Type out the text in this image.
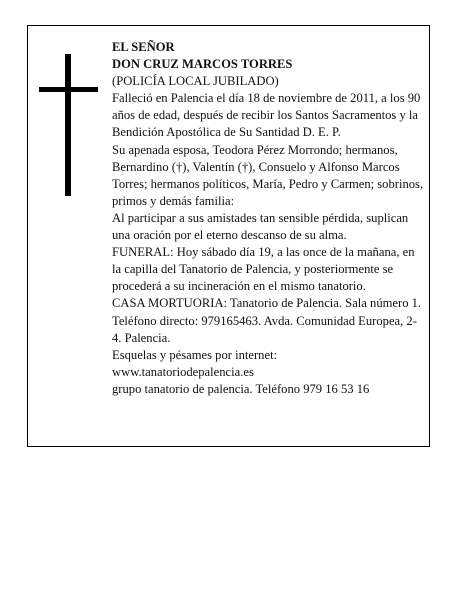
EL SEÑOR

DON CRUZ MARCOS TORRES

(POLICÍA LOCAL JUBILADO)

Falleció en Palencia el día 18 de noviembre de 2011, a los 90 años de edad, después de recibir los Santos Sacramentos y la Bendición Apostólica de Su Santidad D. E. P.

Su apenada esposa, Teodora Pérez Morrondo; hermanos, Bernardino (†), Valentín (†), Consuelo y Alfonso Marcos Torres; hermanos políticos, María, Pedro y Carmen; sobrinos, primos y demás familia:

Al participar a sus amistades tan sensible pérdida, suplican una oración por el eterno descanso de su alma.

FUNERAL: Hoy sábado día 19, a las once de la mañana, en la capilla del Tanatorio de Palencia, y posteriormente se procederá a su incineración en el mismo tanatorio.

CASA MORTUORIA: Tanatorio de Palencia. Sala número 1. Teléfono directo: 979165463. Avda. Comunidad Europea, 2-4. Palencia.

Esquelas y pésames por internet:

www.tanatoriodepalencia.es

grupo tanatorio de palencia. Teléfono 979 16 53 16
